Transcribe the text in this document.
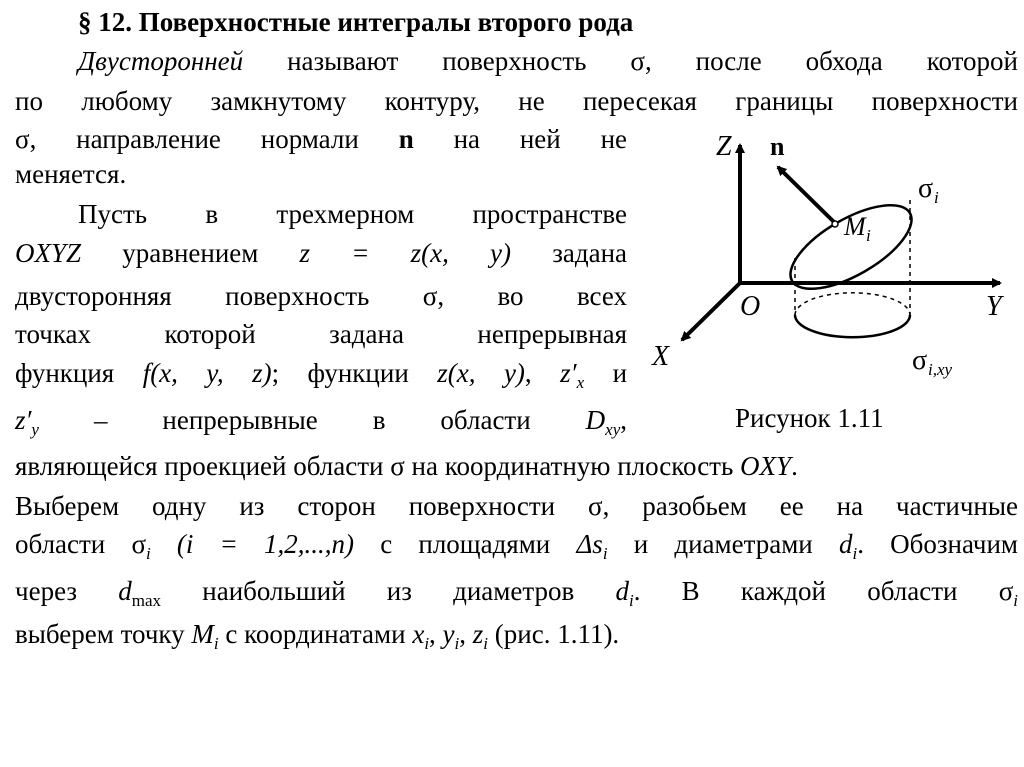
§ 12. Поверхностные интегралы второго рода
Двусторонней называют поверхность σ, после обхода которой
по любому замкнутому контуру, не пересекая границы поверхности
σ, направление нормали n на ней не
меняется.
Пусть в трехмерном пространстве
OXYZ уравнением z = z(x, y) задана
двусторонняя поверхность σ, во всех
точках которой задана непрерывная
функция f(x, y, z); функции z(x, y), $z'_x$ и
$z'_y$ – непрерывные в области $D_{xy}$,
являющейся проекцией области σ на координатную плоскость OXY.
Выберем одну из сторон поверхности σ, разобьем ее на частичные
области $\sigma_i$ (i = 1,2,...,n) с площадями $\Delta s_i$ и диаметрами $d_i$. Обозначим
через $d_{max}$ наибольший из диаметров $d_i$. В каждой области $\sigma_i$
выберем точку $M_i$ с координатами $x_i$, $y_i$, $z_i$ (рис. 1.11).
Z n
σ i
M i
O	Y
X	σ i,xy
Рисунок 1.11
